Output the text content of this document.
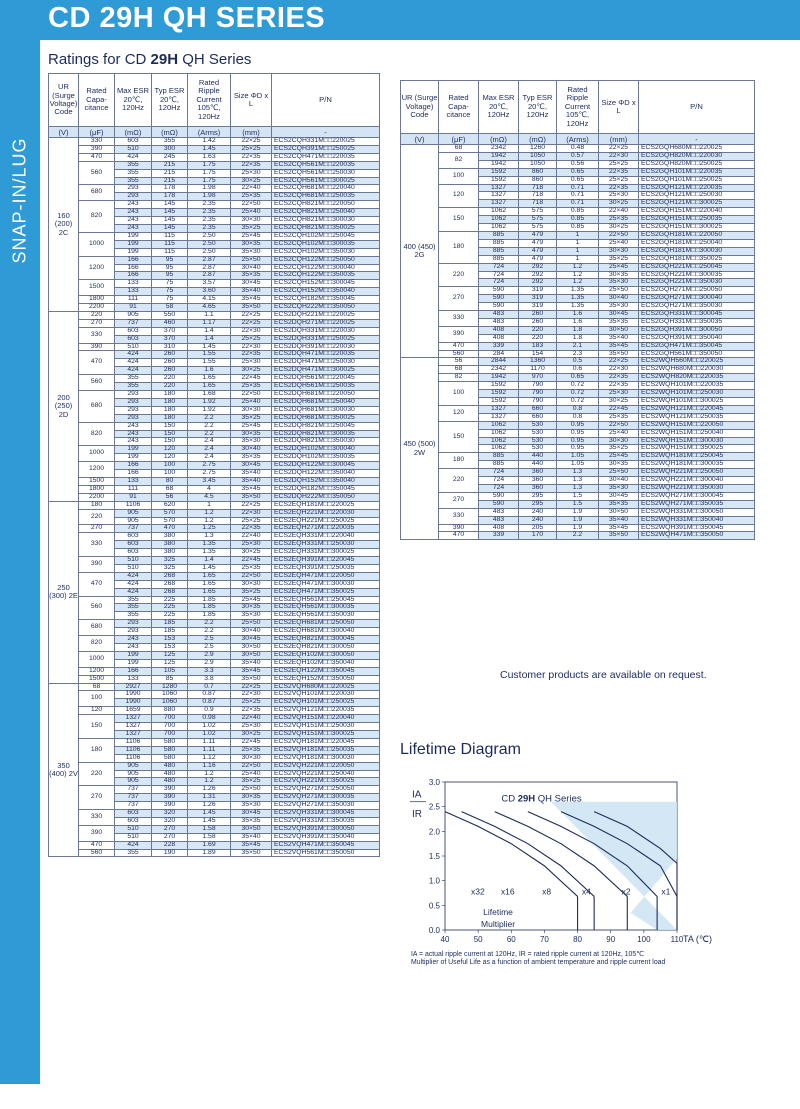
CD 29H QH SERIES
SNAP-IN/LUG
90
Ratings for CD 29H QH Series
UR (Surge Voltage) Code	Rated Capa- citance	Max ESR 20℃, 120Hz	Typ ESR 20℃, 120Hz	Rated Ripple Current 105℃, 120Hz	Size ΦD x L	P/N
(V)	(μF)	(mΩ)	(mΩ)	(Arms)	(mm)	-
160 (200) 2C	330	603	355	1.42	22×25	ECS2CQH331M□□220025
	390	510	300	1.45	25×25	ECS2CQH391M□□250025
	470	424	245	1.63	22×35	ECS2CQH471M□□220035
	560	355	215	1.75	22×35	ECS2CQH561M□□220035
		355	215	1.75	25×30	ECS2CQH561M□□250030
		355	215	1.75	30×25	ECS2CQH561M□□300025
	680	293	178	1.98	22×40	ECS2CQH681M□□220040
		293	178	1.98	25×35	ECS2CQH681M□□250035
	820	243	145	2.35	22×50	ECS2CQH821M□□220050
		243	145	2.35	25×40	ECS2CQH821M□□250040
		243	145	2.35	30×30	ECS2CQH821M□□300030
		243	145	2.35	35×25	ECS2CQH821M□□350025
	1000	199	115	2.50	25×45	ECS2CQH102M□□250045
		199	115	2.50	30×35	ECS2CQH102M□□300035
		199	115	2.50	35×30	ECS2CQH102M□□350030
	1200	166	95	2.87	25×50	ECS2CQH122M□□250050
		166	95	2.87	30×40	ECS2CQH122M□□300040
		166	95	2.87	35×35	ECS2CQH122M□□350035
	1500	133	75	3.57	30×45	ECS2CQH152M□□300045
		133	75	3.60	35×40	ECS2CQH152M□□350040
	1800	111	75	4.15	35×45	ECS2CQH182M□□350045
	2200	91	58	4.65	35×50	ECS2CQH222M□□350050
200 (250) 2D	220	905	550	1.1	22×25	ECS2DQH221M□□220025
	270	737	460	1.17	22×25	ECS2DQH271M□□220025
	330	603	370	1.4	22×30	ECS2DQH331M□□220030
		603	370	1.4	25×25	ECS2DQH331M□□250025
	390	510	310	1.45	22×30	ECS2DQH391M□□220030
	470	424	260	1.55	22×35	ECS2DQH471M□□220035
		424	260	1.55	25×30	ECS2DQH471M□□250030
		424	260	1.6	30×25	ECS2DQH471M□□300025
	560	355	220	1.65	22×45	ECS2DQH561M□□220045
		355	220	1.65	25×35	ECS2DQH561M□□250035
	680	293	180	1.68	22×50	ECS2DQH681M□□220050
		293	180	1.92	25×40	ECS2DQH681M□□250040
		293	180	1.92	30×30	ECS2DQH681M□□300030
		293	180	2.2	35×25	ECS2DQH681M□□350025
	820	243	150	2.2	25×45	ECS2DQH821M□□250045
		243	150	2.2	30×35	ECS2DQH821M□□300035
		243	150	2.4	35×30	ECS2DQH821M□□350030
	1000	199	120	2.4	30×40	ECS2DQH102M□□300040
		199	120	2.4	35×35	ECS2DQH102M□□350035
	1200	166	100	2.75	30×45	ECS2DQH122M□□300045
		166	100	2.75	35×40	ECS2DQH122M□□350040
	1500	133	80	3.45	35×40	ECS2DQH152M□□350040
	1800	111	68	4	35×45	ECS2DQH182M□□350045
	2200	91	56	4.5	35×50	ECS2DQH222M□□350050
250 (300) 2E	180	1106	620	1	22×25	ECS2EQH181M□□220025
	220	905	570	1.2	22×30	ECS2EQH221M□□220030
		905	570	1.2	25×25	ECS2EQH221M□□250025
	270	737	470	1.25	22×35	ECS2EQH271M□□220035
	330	603	380	1.3	22×40	ECS2EQH331M□□220040
		603	380	1.35	25×30	ECS2EQH331M□□250030
		603	380	1.35	30×25	ECS2EQH331M□□300025
	390	510	325	1.4	22×45	ECS2EQH391M□□220045
		510	325	1.45	25×35	ECS2EQH391M□□250035
	470	424	268	1.65	22×50	ECS2EQH471M□□220050
		424	268	1.65	30×30	ECS2EQH471M□□300030
		424	268	1.65	35×25	ECS2EQH471M□□350025
	560	355	225	1.85	25×45	ECS2EQH561M□□250045
		355	225	1.85	30×35	ECS2EQH561M□□300035
		355	225	1.85	35×30	ECS2EQH561M□□350030
	680	293	185	2.2	25×50	ECS2EQH681M□□250050
		293	185	2.2	30×40	ECS2EQH681M□□300040
	820	243	153	2.5	30×45	ECS2EQH821M□□300045
		243	153	2.5	30×50	ECS2EQH821M□□300050
	1000	199	125	2.9	30×50	ECS2EQH102M□□300050
		199	125	2.9	35×40	ECS2EQH102M□□350040
	1200	166	105	3.3	35×45	ECS2EQH122M□□350045
	1500	133	85	3.8	35×50	ECS2EQH152M□□350050
350 (400) 2V	68	2927	1280	0.7	22×25	ECS2VQH680M□□220025
	100	1990	1060	0.87	22×30	ECS2VQH101M□□220030
		1990	1060	0.87	25×25	ECS2VQH101M□□250025
	120	1659	880	0.9	22×35	ECS2VQH121M□□220035
	150	1327	700	0.98	22×40	ECS2VQH151M□□220040
		1327	700	1.02	25×30	ECS2VQH151M□□250030
		1327	700	1.02	30×25	ECS2VQH151M□□300025
	180	1106	580	1.11	22×45	ECS2VQH181M□□220045
		1106	580	1.11	25×35	ECS2VQH181M□□250035
		1106	580	1.12	30×30	ECS2VQH181M□□300030
	220	905	480	1.16	22×50	ECS2VQH221M□□220050
		905	480	1.2	25×40	ECS2VQH221M□□250040
		905	480	1.2	35×25	ECS2VQH221M□□350025
	270	737	390	1.26	25×50	ECS2VQH271M□□250050
		737	390	1.31	30×35	ECS2VQH271M□□300035
		737	390	1.26	35×30	ECS2VQH271M□□350030
	330	603	320	1.45	30×45	ECS2VQH331M□□300045
		603	320	1.45	35×35	ECS2VQH331M□□350035
	390	510	270	1.58	30×50	ECS2VQH391M□□300050
		510	270	1.58	35×40	ECS2VQH391M□□350040
	470	424	228	1.69	35×45	ECS2VQH471M□□350045
	560	355	190	1.89	35×50	ECS2VQH561M□□350050
UR (Surge Voltage) Code	Rated Capa- citance	Max ESR 20℃, 120Hz	Typ ESR 20℃, 120Hz	Rated Ripple Current 105℃, 120Hz	Size ΦD x L	P/N
(V)	(μF)	(mΩ)	(mΩ)	(Arms)	(mm)	-
400 (450) 2G	68	2342	1260	0.48	22×25	ECS2GQH680M□□220025
	82	1942	1050	0.57	22×30	ECS2GQH820M□□220030
		1942	1050	0.56	25×25	ECS2GQH820M□□250025
	100	1592	860	0.65	22×35	ECS2GQH101M□□220035
		1592	860	0.65	25×25	ECS2GQH101M□□250025
	120	1327	718	0.71	22×35	ECS2GQH121M□□220035
		1327	718	0.71	25×30	ECS2GQH121M□□250030
		1327	718	0.71	30×25	ECS2GQH121M□□300025
	150	1062	575	0.85	22×40	ECS2GQH151M□□220040
		1062	575	0.85	25×35	ECS2GQH151M□□250035
		1062	575	0.85	30×25	ECS2GQH151M□□300025
	180	885	479	1	22×50	ECS2GQH181M□□220050
		885	479	1	25×40	ECS2GQH181M□□250040
		885	479	1	30×30	ECS2GQH181M□□300030
		885	479	1	35×25	ECS2GQH181M□□350025
	220	724	292	1.2	25×45	ECS2GQH221M□□250045
		724	292	1.2	30×35	ECS2GQH221M□□300035
		724	292	1.2	35×30	ECS2GQH221M□□350030
	270	590	319	1.35	25×50	ECS2GQH271M□□250050
		590	319	1.35	30×40	ECS2GQH271M□□300040
		590	319	1.35	35×30	ECS2GQH271M□□350030
	330	483	260	1.6	30×45	ECS2GQH331M□□300045
		483	260	1.6	35×35	ECS2GQH331M□□350035
	390	408	220	1.8	30×50	ECS2GQH391M□□300050
		408	220	1.8	35×40	ECS2GQH391M□□350040
	470	339	183	2.1	35×45	ECS2GQH471M□□350045
	560	284	154	2.3	35×50	ECS2GQH561M□□350050
450 (500) 2W	56	2844	1360	0.5	22×25	ECS2WQH560M□□220025
	68	2342	1170	0.6	22×30	ECS2WQH680M□□220030
	82	1942	970	0.65	22×35	ECS2WQH820M□□220035
	100	1592	790	0.72	22×35	ECS2WQH101M□□220035
		1592	790	0.72	25×30	ECS2WQH101M□□250030
		1592	790	0.72	30×25	ECS2WQH101M□□300025
	120	1327	660	0.8	22×45	ECS2WQH121M□□220045
		1327	660	0.8	25×35	ECS2WQH121M□□250035
	150	1062	530	0.95	22×50	ECS2WQH151M□□220050
		1062	530	0.95	25×40	ECS2WQH151M□□250040
		1062	530	0.95	30×30	ECS2WQH151M□□300030
		1062	530	0.95	35×25	ECS2WQH151M□□350025
	180	885	440	1.05	25×45	ECS2WQH181M□□250045
		885	440	1.05	30×35	ECS2WQH181M□□300035
	220	724	360	1.3	25×50	ECS2WQH221M□□250050
		724	360	1.3	30×40	ECS2WQH221M□□300040
		724	360	1.3	35×30	ECS2WQH221M□□350030
	270	590	295	1.5	30×45	ECS2WQH271M□□300045
		590	295	1.5	35×35	ECS2WQH271M□□350035
	330	483	240	1.9	30×50	ECS2WQH331M□□300050
		483	240	1.9	35×40	ECS2WQH331M□□350040
	390	408	205	1.9	35×45	ECS2WQH391M□□350045
	470	339	170	2.2	35×50	ECS2WQH471M□□350050
Customer products are available on request.
Lifetime Diagram
0.0
0.5
1.0
1.5
2.0
2.5
3.0
40	50	60	70	80	90	100	110
x32 x16	x8	x4	x2	x1
CD 29H QH Series
IA
IR
Lifetime
Multiplier
TA (℃)
IA = actual ripple current at 120Hz, IR = rated ripple current at 120Hz, 105℃
Multiplier of Useful Life as a function of ambient temperature and ripple current load
